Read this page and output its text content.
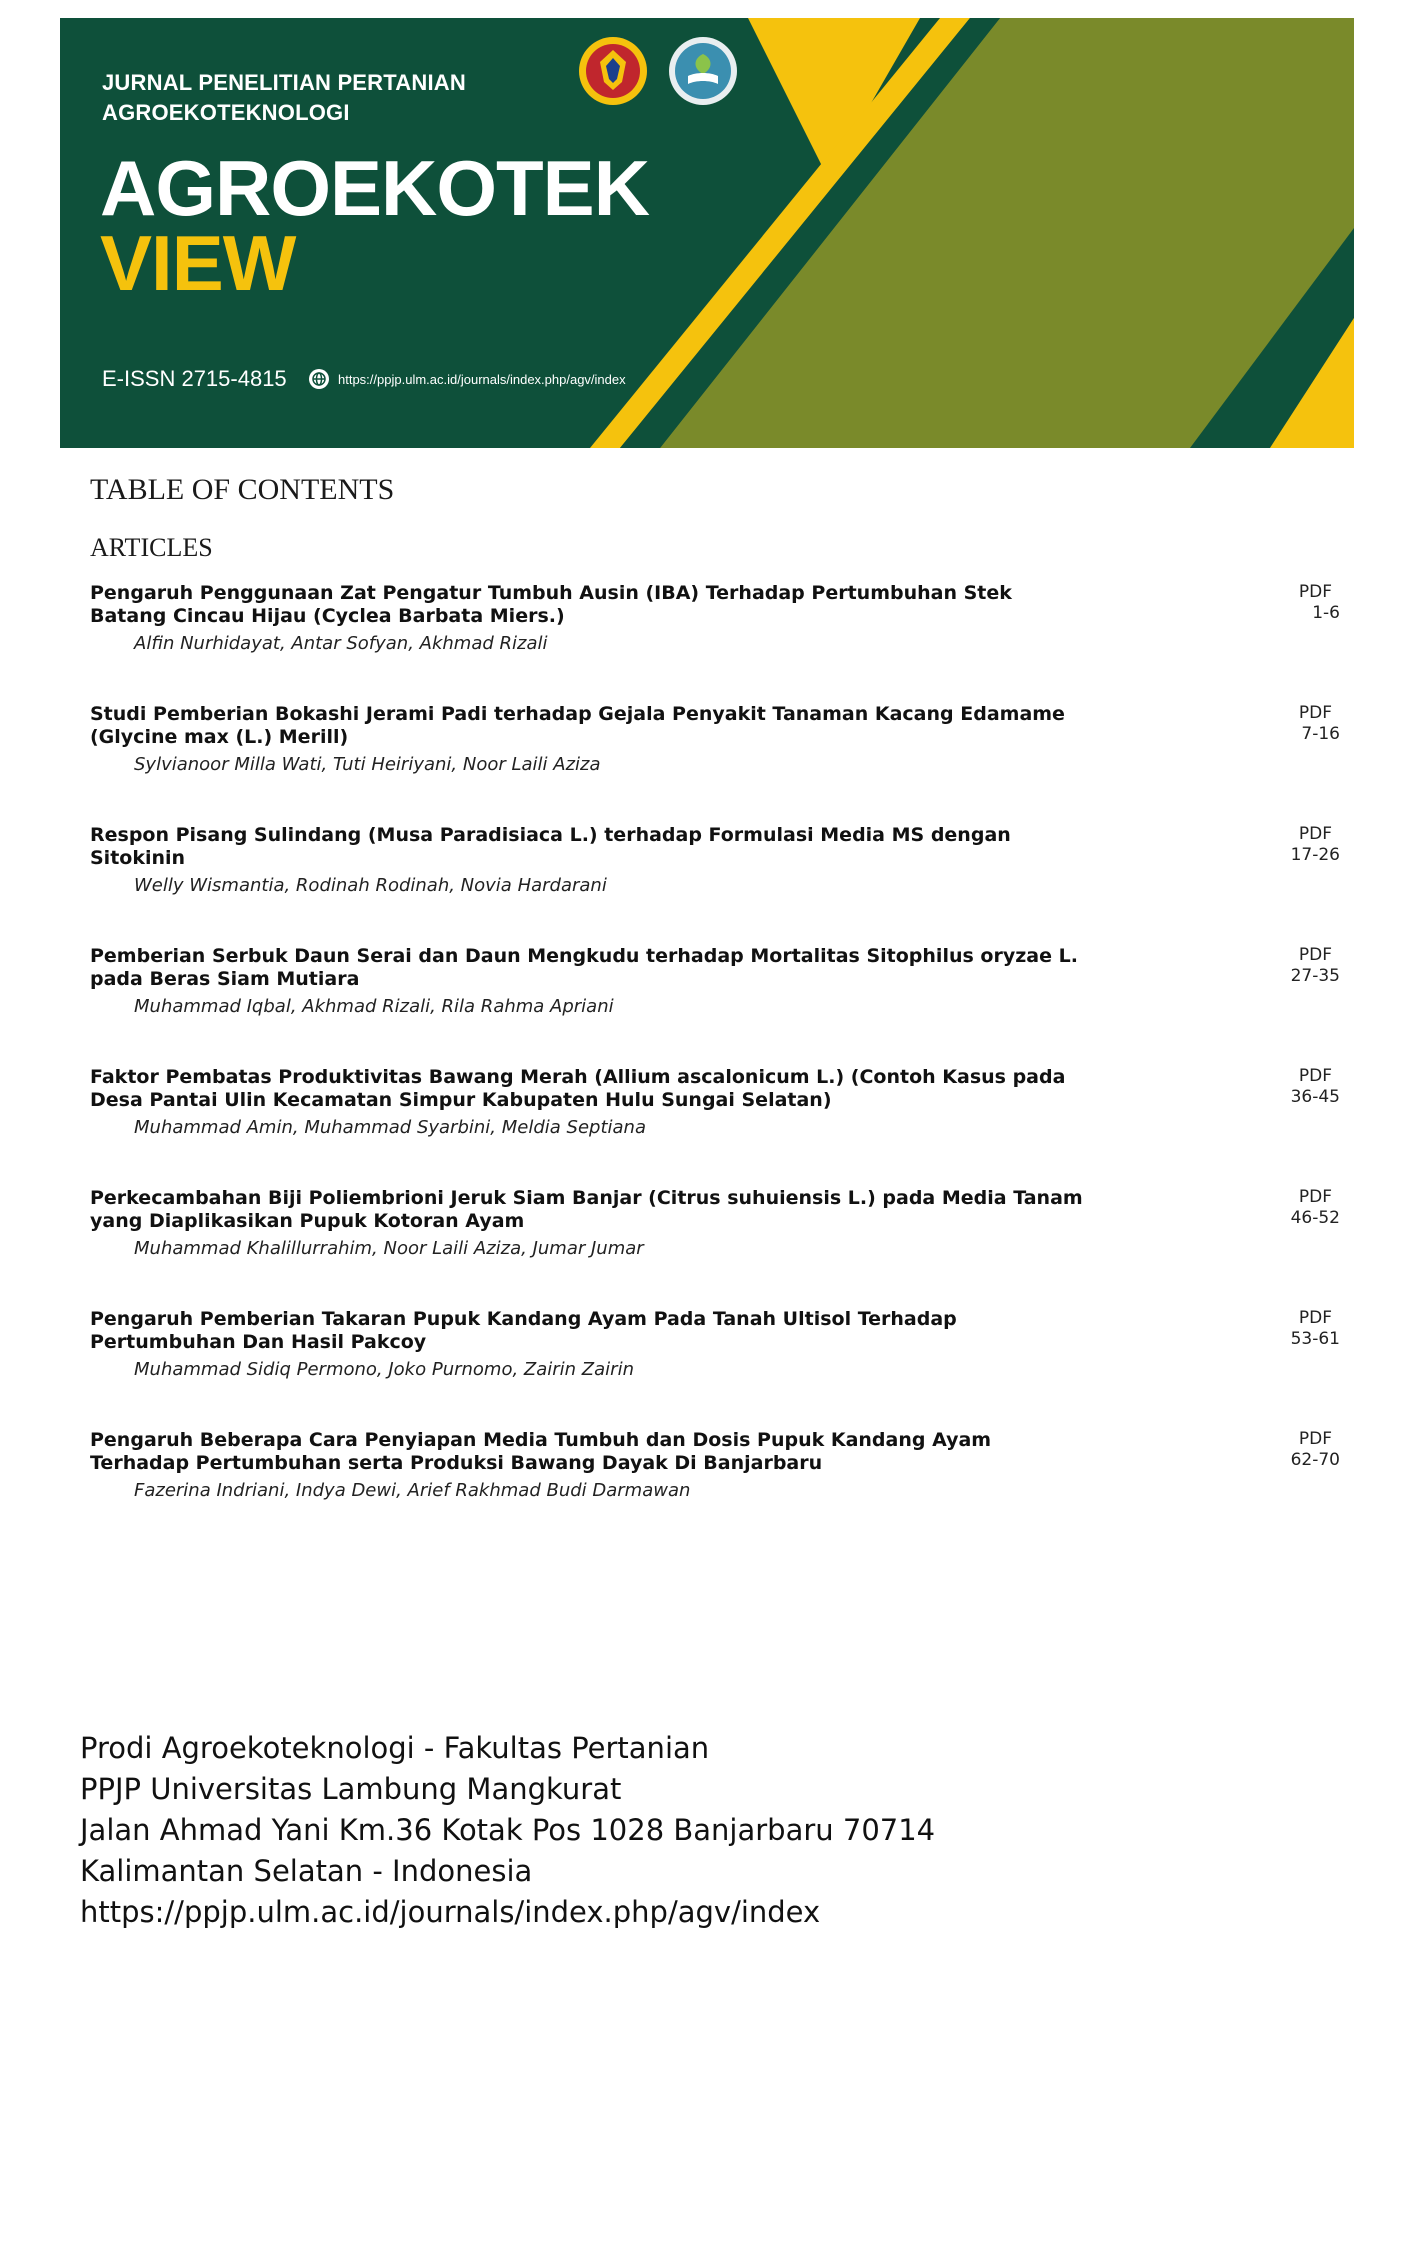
JURNAL PENELITIAN PERTANIAN
AGROEKOTEKNOLOGI
AGROEKOTEK
VIEW
E-ISSN 2715-4815	https://ppjp.ulm.ac.id/journals/index.php/agv/index
TABLE OF CONTENTS
ARTICLES
Pengaruh Penggunaan Zat Pengatur Tumbuh Ausin (IBA) Terhadap Pertumbuhan Stek
Batang Cincau Hijau (Cyclea Barbata Miers.)
Alfin Nurhidayat, Antar Sofyan, Akhmad Rizali
PDF
1-6
Studi Pemberian Bokashi Jerami Padi terhadap Gejala Penyakit Tanaman Kacang Edamame
(Glycine max (L.) Merill)
Sylvianoor Milla Wati, Tuti Heiriyani, Noor Laili Aziza
PDF
7-16
Respon Pisang Sulindang (Musa Paradisiaca L.) terhadap Formulasi Media MS dengan
Sitokinin
Welly Wismantia, Rodinah Rodinah, Novia Hardarani
PDF
17-26
Pemberian Serbuk Daun Serai dan Daun Mengkudu terhadap Mortalitas Sitophilus oryzae L.
pada Beras Siam Mutiara
Muhammad Iqbal, Akhmad Rizali, Rila Rahma Apriani
PDF
27-35
Faktor Pembatas Produktivitas Bawang Merah (Allium ascalonicum L.) (Contoh Kasus pada
Desa Pantai Ulin Kecamatan Simpur Kabupaten Hulu Sungai Selatan)
Muhammad Amin, Muhammad Syarbini, Meldia Septiana
PDF
36-45
Perkecambahan Biji Poliembrioni Jeruk Siam Banjar (Citrus suhuiensis L.) pada Media Tanam
yang Diaplikasikan Pupuk Kotoran Ayam
Muhammad Khalillurrahim, Noor Laili Aziza, Jumar Jumar
PDF
46-52
Pengaruh Pemberian Takaran Pupuk Kandang Ayam Pada Tanah Ultisol Terhadap
Pertumbuhan Dan Hasil Pakcoy
Muhammad Sidiq Permono, Joko Purnomo, Zairin Zairin
PDF
53-61
Pengaruh Beberapa Cara Penyiapan Media Tumbuh dan Dosis Pupuk Kandang Ayam
Terhadap Pertumbuhan serta Produksi Bawang Dayak Di Banjarbaru
Fazerina Indriani, Indya Dewi, Arief Rakhmad Budi Darmawan
PDF
62-70
Prodi Agroekoteknologi - Fakultas Pertanian
PPJP Universitas Lambung Mangkurat
Jalan Ahmad Yani Km.36 Kotak Pos 1028 Banjarbaru 70714
Kalimantan Selatan - Indonesia
https://ppjp.ulm.ac.id/journals/index.php/agv/index
